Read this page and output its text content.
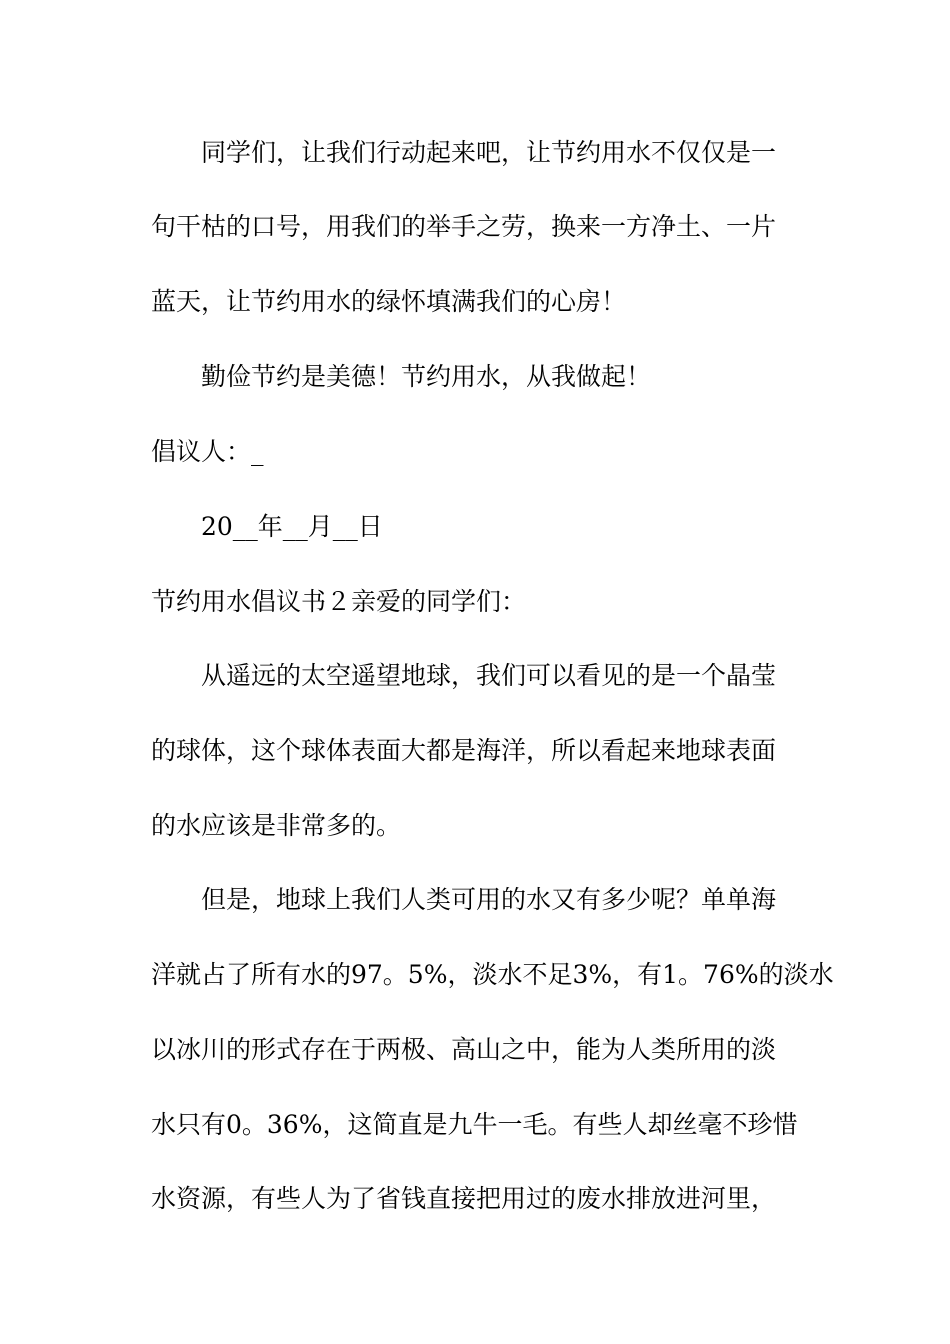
同学们，让我们行动起来吧，让节约用水不仅仅是一
句干枯的口号，用我们的举手之劳，换来一方净土、一片
蓝天，让节约用水的绿怀填满我们的心房！
勤俭节约是美德！节约用水，从我做起！
倡议人：_
20__年__月__日
节约用水倡议书２亲爱的同学们：
从遥远的太空遥望地球，我们可以看见的是一个晶莹
的球体，这个球体表面大都是海洋，所以看起来地球表面
的水应该是非常多的。
但是，地球上我们人类可用的水又有多少呢？单单海
洋就占了所有水的97。5%，淡水不足3%，有1。76%的淡水
以冰川的形式存在于两极、高山之中，能为人类所用的淡
水只有0。36%，这简直是九牛一毛。有些人却丝毫不珍惜
水资源，有些人为了省钱直接把用过的废水排放进河里，
